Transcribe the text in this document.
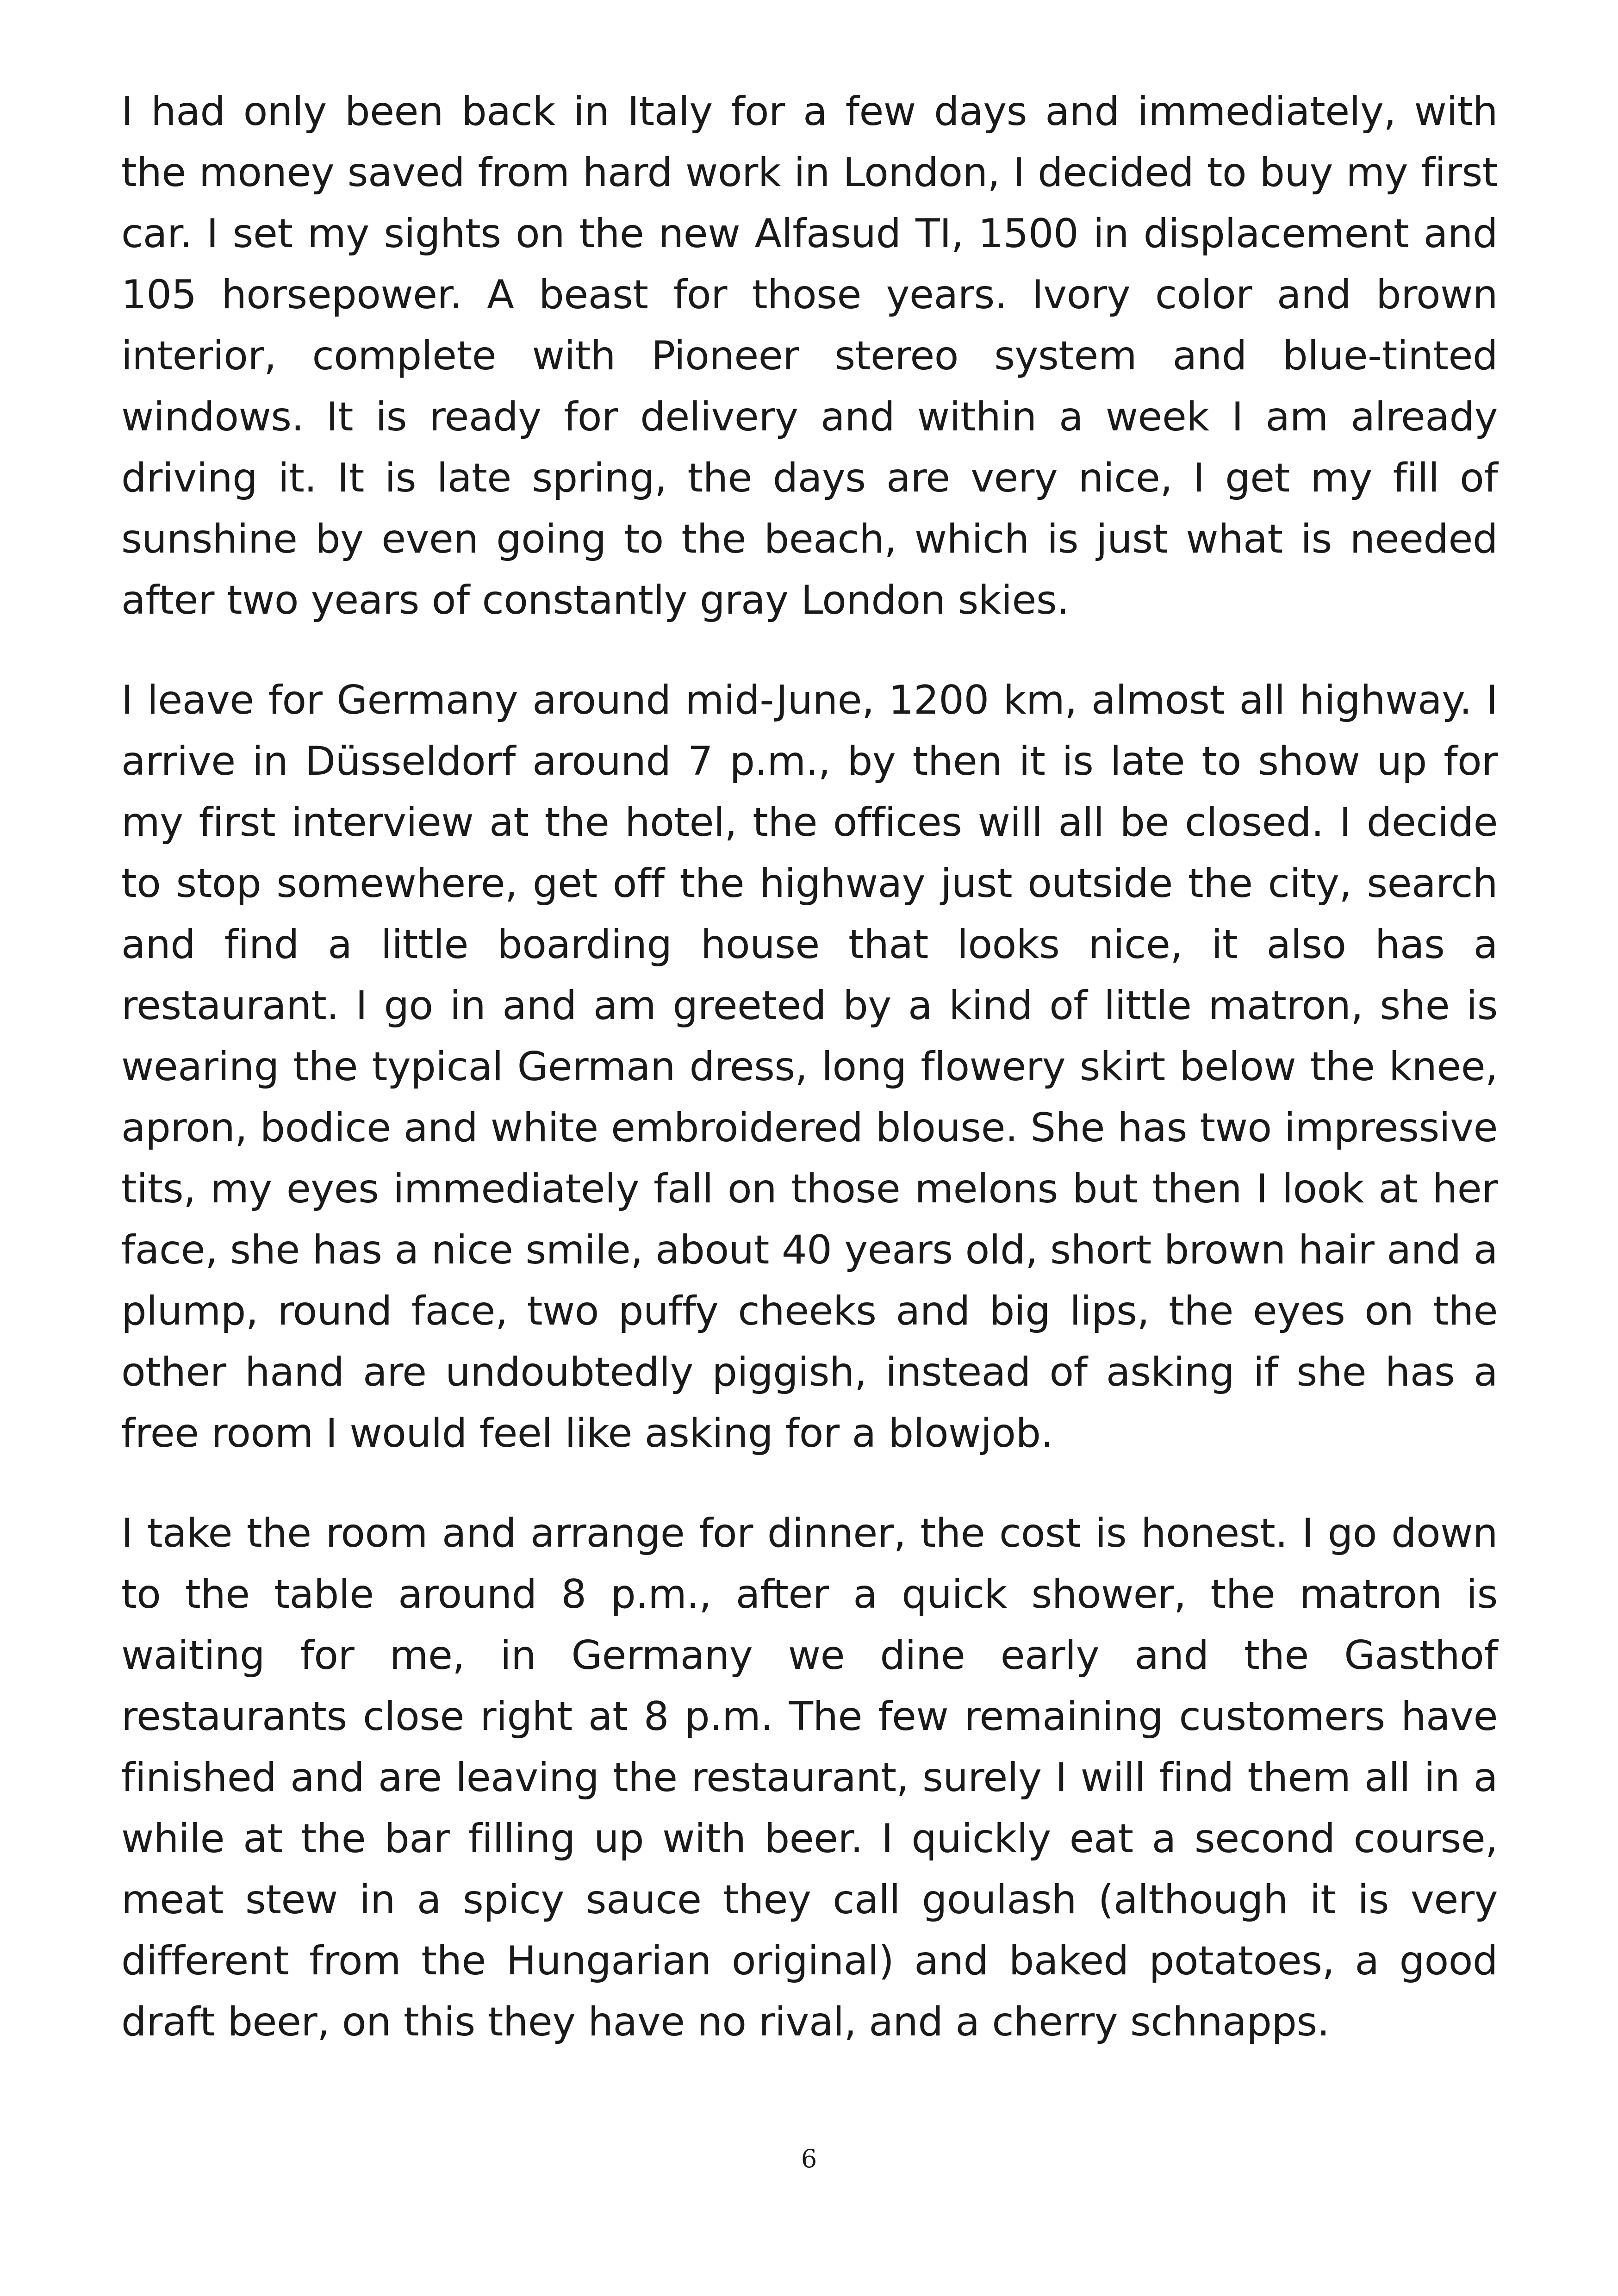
I had only been back in Italy for a few days and immediately, with the money saved from hard work in London, I decided to buy my first car. I set my sights on the new Alfasud TI, 1500 in displacement and 105 horsepower. A beast for those years. Ivory color and brown interior, complete with Pioneer stereo system and blue-tinted windows. It is ready for delivery and within a week I am already driving it. It is late spring, the days are very nice, I get my fill of sunshine by even going to the beach, which is just what is needed after two years of constantly gray London skies.

I leave for Germany around mid-June, 1200 km, almost all highway. I arrive in Düsseldorf around 7 p.m., by then it is late to show up for my first interview at the hotel, the offices will all be closed. I decide to stop somewhere, get off the highway just outside the city, search and find a little boarding house that looks nice, it also has a restaurant. I go in and am greeted by a kind of little matron, she is wearing the typical German dress, long flowery skirt below the knee, apron, bodice and white embroidered blouse. She has two impressive tits, my eyes immediately fall on those melons but then I look at her face, she has a nice smile, about 40 years old, short brown hair and a plump, round face, two puffy cheeks and big lips, the eyes on the other hand are undoubtedly piggish, instead of asking if she has a free room I would feel like asking for a blowjob.

I take the room and arrange for dinner, the cost is honest. I go down to the table around 8 p.m., after a quick shower, the matron is waiting for me, in Germany we dine early and the Gasthof restaurants close right at 8 p.m. The few remaining customers have finished and are leaving the restaurant, surely I will find them all in a while at the bar filling up with beer. I quickly eat a second course, meat stew in a spicy sauce they call goulash (although it is very different from the Hungarian original) and baked potatoes, a good draft beer, on this they have no rival, and a cherry schnapps.

6
